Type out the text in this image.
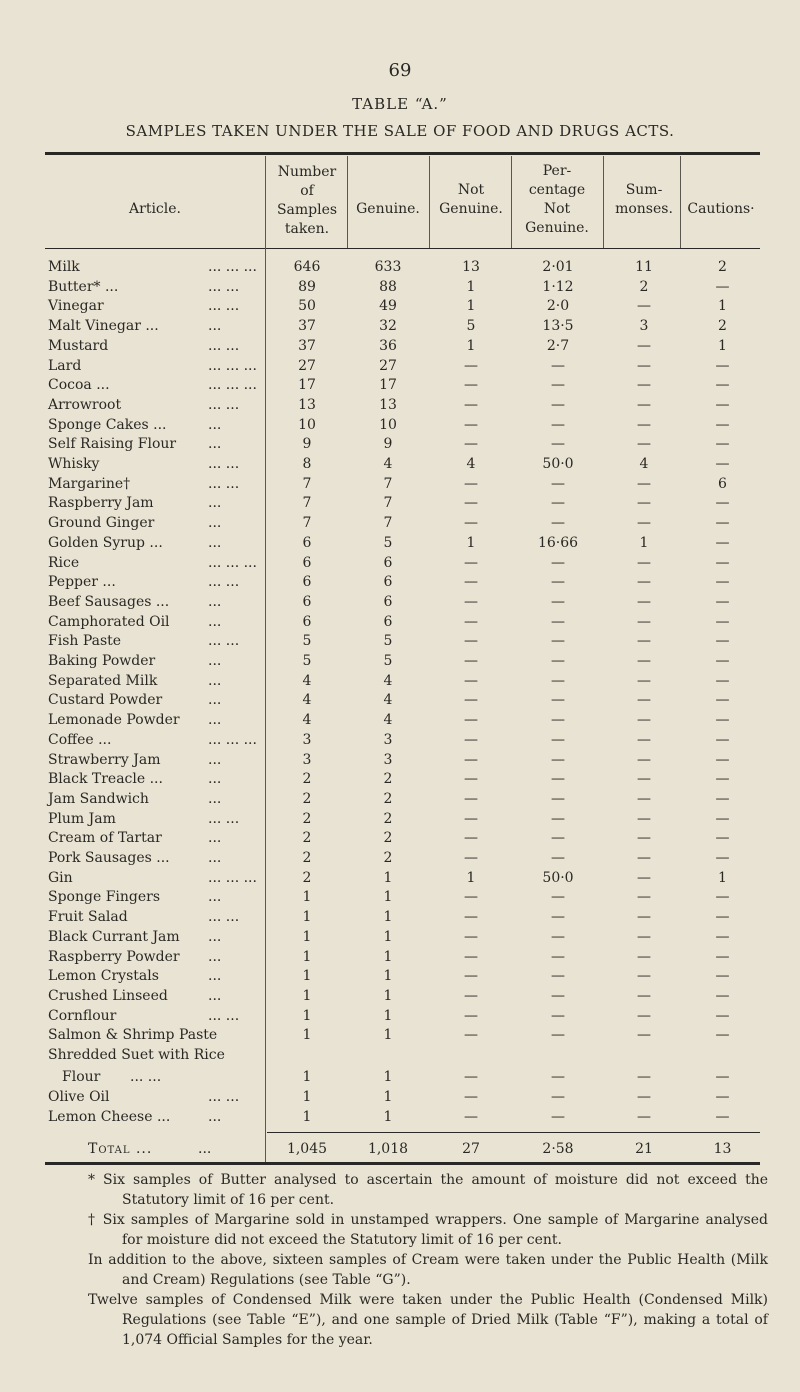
69
TABLE “A.”
SAMPLES TAKEN UNDER THE SALE OF FOOD AND DRUGS ACTS.
Article.
Number
of
Samples
taken.
Genuine.
Not
Genuine.
Per-
centage
Not
Genuine.
Sum-
monses.	Cautions·
Milk	... ... ...	646	633	13	2·01	11	2
Butter* ...	... ...	89	88	1	1·12	2	—
Vinegar	... ...	50	49	1	2·0	—	1
Malt Vinegar ...	...	37	32	5	13·5	3	2
Mustard	... ...	37	36	1	2·7	—	1
Lard	... ... ...	27	27	—	—	—	—
Cocoa ...	... ... ...	17	17	—	—	—	—
Arrowroot	... ...	13	13	—	—	—	—
Sponge Cakes ...	...	10	10	—	—	—	—
Self Raising Flour ...	9	9	—	—	—	—
Whisky	... ...	8	4	4	50·0	4	—
Margarine†	... ...	7	7	—	—	—	6
Raspberry Jam	...	7	7	—	—	—	—
Ground Ginger	...	7	7	—	—	—	—
Golden Syrup ...	...	6	5	1	16·66	1	—
Rice	... ... ...	6	6	—	—	—	—
Pepper ...	... ...	6	6	—	—	—	—
Beef Sausages ...	...	6	6	—	—	—	—
Camphorated Oil	...	6	6	—	—	—	—
Fish Paste	... ...	5	5	—	—	—	—
Baking Powder	...	5	5	—	—	—	—
Separated Milk	...	4	4	—	—	—	—
Custard Powder	...	4	4	—	—	—	—
Lemonade Powder ...	4	4	—	—	—	—
Coffee ...	... ... ...	3	3	—	—	—	—
Strawberry Jam	...	3	3	—	—	—	—
Black Treacle ...	...	2	2	—	—	—	—
Jam Sandwich	...	2	2	—	—	—	—
Plum Jam	... ...	2	2	—	—	—	—
Cream of Tartar	...	2	2	—	—	—	—
Pork Sausages ...	...	2	2	—	—	—	—
Gin	... ... ...	2	1	1	50·0	—	1
Sponge Fingers	...	1	1	—	—	—	—
Fruit Salad	... ...	1	1	—	—	—	—
Black Currant Jam ...	1	1	—	—	—	—
Raspberry Powder ...	1	1	—	—	—	—
Lemon Crystals	...	1	1	—	—	—	—
Crushed Linseed	...	1	1	—	—	—	—
Cornflour	... ...	1	1	—	—	—	—
Salmon & Shrimp Paste	1	1	—	—	—	—
Shredded Suet with Rice
Flour ... ...	1	1	—	—	—	—
Olive Oil	... ...	1	1	—	—	—	—
Lemon Cheese ...	...	1	1	—	—	—	—
Total ...	...	1,045	1,018	27	2·58	21	13

* Six samples of Butter analysed to ascertain the amount of moisture did not exceed the Statutory limit of 16 per cent.

† Six samples of Margarine sold in unstamped wrappers. One sample of Margarine analysed for moisture did not exceed the Statutory limit of 16 per cent.

In addition to the above, sixteen samples of Cream were taken under the Public Health (Milk and Cream) Regulations (see Table “G”).

Twelve samples of Condensed Milk were taken under the Public Health (Condensed Milk) Regulations (see Table “E”), and one sample of Dried Milk (Table “F”), making a total of 1,074 Official Samples for the year.
